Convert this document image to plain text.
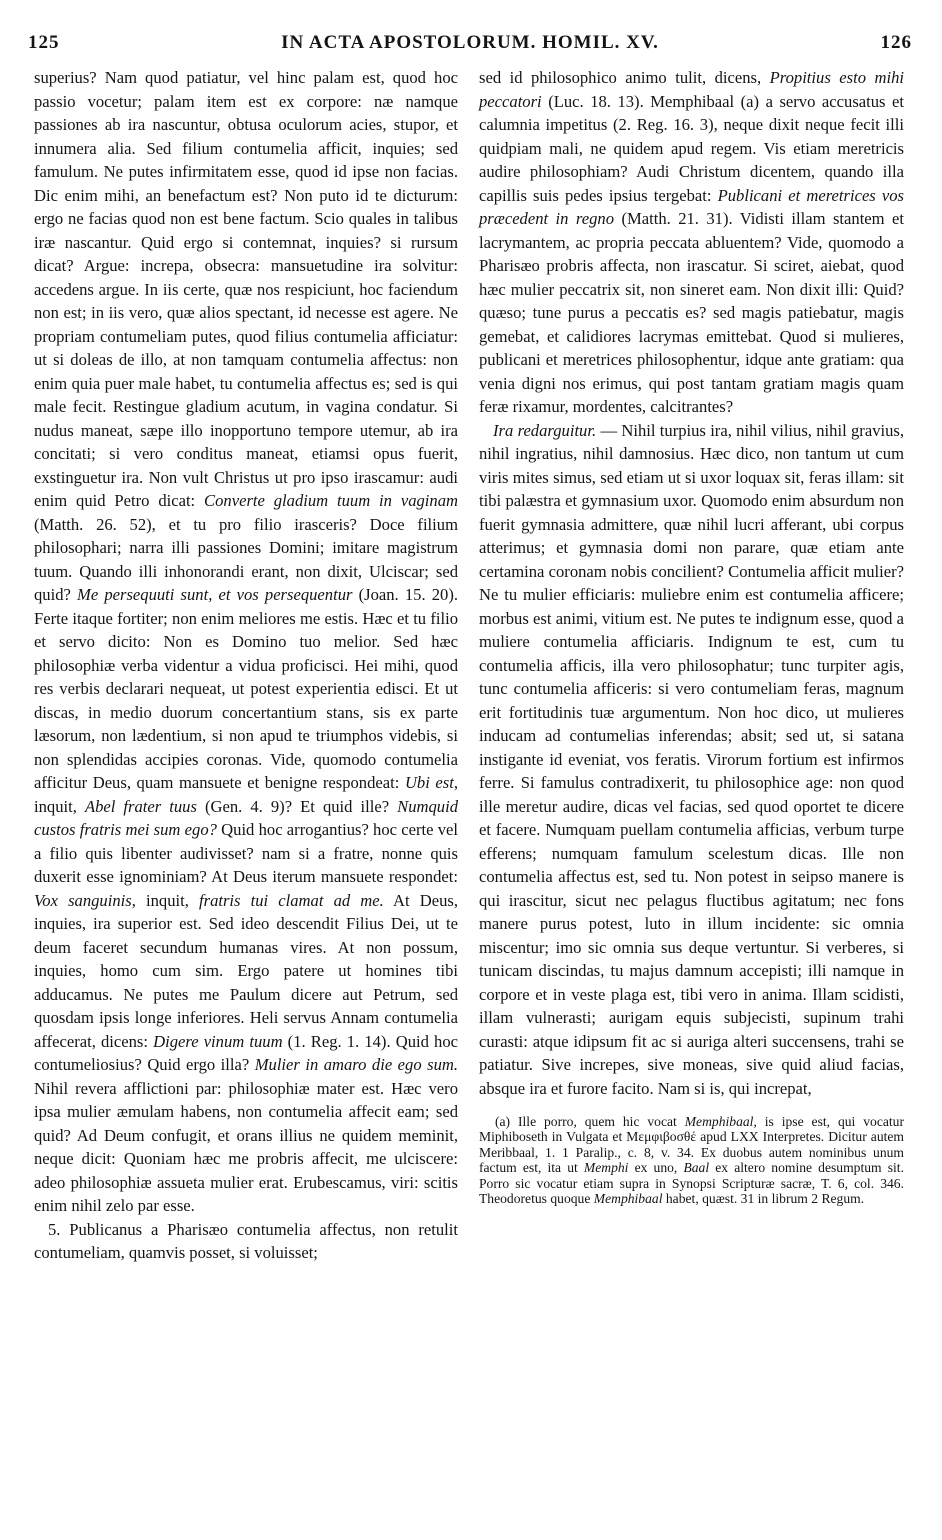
125	IN ACTA APOSTOLORUM. HOMIL. XV.	126

superius? Nam quod patiatur, vel hinc palam est, quod hoc passio vocetur; palam item est ex corpore: næ namque passiones ab ira nascuntur, obtusa oculorum acies, stupor, et innumera alia. Sed filium contumelia afficit, inquies; sed famulum. Ne putes infirmitatem esse, quod id ipse non facias. Dic enim mihi, an benefactum est? Non puto id te dicturum: ergo ne facias quod non est bene factum. Scio quales in talibus iræ nascantur. Quid ergo si contemnat, inquies? si rursum dicat? Argue: increpa, obsecra: mansuetudine ira solvitur: accedens argue. In iis certe, quæ nos respiciunt, hoc faciendum non est; in iis vero, quæ alios spectant, id necesse est agere. Ne propriam contumeliam putes, quod filius contumelia afficiatur: ut si doleas de illo, at non tamquam contumelia affectus: non enim quia puer male habet, tu contumelia affectus es; sed is qui male fecit. Restingue gladium acutum, in vagina condatur. Si nudus maneat, sæpe illo inopportuno tempore utemur, ab ira concitati; si vero conditus maneat, etiamsi opus fuerit, exstinguetur ira. Non vult Christus ut pro ipso irascamur: audi enim quid Petro dicat: Converte gladium tuum in vaginam (Matth. 26. 52), et tu pro filio irasceris? Doce filium philosophari; narra illi passiones Domini; imitare magistrum tuum. Quando illi inhonorandi erant, non dixit, Ulciscar; sed quid? Me persequuti sunt, et vos persequentur (Joan. 15. 20). Ferte itaque fortiter; non enim meliores me estis. Hæc et tu filio et servo dicito: Non es Domino tuo melior. Sed hæc philosophiæ verba videntur a vidua proficisci. Hei mihi, quod res verbis declarari nequeat, ut potest experientia edisci. Et ut discas, in medio duorum concertantium stans, sis ex parte læsorum, non lædentium, si non apud te triumphos videbis, si non splendidas accipies coronas. Vide, quomodo contumelia afficitur Deus, quam mansuete et benigne respondeat: Ubi est, inquit, Abel frater tuus (Gen. 4. 9)? Et quid ille? Numquid custos fratris mei sum ego? Quid hoc arrogantius? hoc certe vel a filio quis libenter audivisset? nam si a fratre, nonne quis duxerit esse ignominiam? At Deus iterum mansuete respondet: Vox sanguinis, inquit, fratris tui clamat ad me. At Deus, inquies, ira superior est. Sed ideo descendit Filius Dei, ut te deum faceret secundum humanas vires. At non possum, inquies, homo cum sim. Ergo patere ut homines tibi adducamus. Ne putes me Paulum dicere aut Petrum, sed quosdam ipsis longe inferiores. Heli servus Annam contumelia affecerat, dicens: Digere vinum tuum (1. Reg. 1. 14). Quid hoc contumeliosius? Quid ergo illa? Mulier in amaro die ego sum. Nihil revera afflictioni par: philosophiæ mater est. Hæc vero ipsa mulier æmulam habens, non contumelia affecit eam; sed quid? Ad Deum confugit, et orans illius ne quidem meminit, neque dicit: Quoniam hæc me probris affecit, me ulciscere: adeo philosophiæ assueta mulier erat. Erubescamus, viri: scitis enim nihil zelo par esse.

5. Publicanus a Pharisæo contumelia affectus, non retulit contumeliam, quamvis posset, si voluisset;

sed id philosophico animo tulit, dicens, Propitius esto mihi peccatori (Luc. 18. 13). Memphibaal (a) a servo accusatus et calumnia impetitus (2. Reg. 16. 3), neque dixit neque fecit illi quidpiam mali, ne quidem apud regem. Vis etiam meretricis audire philosophiam? Audi Christum dicentem, quando illa capillis suis pedes ipsius tergebat: Publicani et meretrices vos præcedent in regno (Matth. 21. 31). Vidisti illam stantem et lacrymantem, ac propria peccata abluentem? Vide, quomodo a Pharisæo probris affecta, non irascatur. Si sciret, aiebat, quod hæc mulier peccatrix sit, non sineret eam. Non dixit illi: Quid? quæso; tune purus a peccatis es? sed magis patiebatur, magis gemebat, et calidiores lacrymas emittebat. Quod si mulieres, publicani et meretrices philosophentur, idque ante gratiam: qua venia digni nos erimus, qui post tantam gratiam magis quam feræ rixamur, mordentes, calcitrantes?

Ira redarguitur. — Nihil turpius ira, nihil vilius, nihil gravius, nihil ingratius, nihil damnosius. Hæc dico, non tantum ut cum viris mites simus, sed etiam ut si uxor loquax sit, feras illam: sit tibi palæstra et gymnasium uxor. Quomodo enim absurdum non fuerit gymnasia admittere, quæ nihil lucri afferant, ubi corpus atterimus; et gymnasia domi non parare, quæ etiam ante certamina coronam nobis concilient? Contumelia afficit mulier? Ne tu mulier efficiaris: muliebre enim est contumelia afficere; morbus est animi, vitium est. Ne putes te indignum esse, quod a muliere contumelia afficiaris. Indignum te est, cum tu contumelia afficis, illa vero philosophatur; tunc turpiter agis, tunc contumelia afficeris: si vero contumeliam feras, magnum erit fortitudinis tuæ argumentum. Non hoc dico, ut mulieres inducam ad contumelias inferendas; absit; sed ut, si satana instigante id eveniat, vos feratis. Virorum fortium est infirmos ferre. Si famulus contradixerit, tu philosophice age: non quod ille meretur audire, dicas vel facias, sed quod oportet te dicere et facere. Numquam puellam contumelia afficias, verbum turpe efferens; numquam famulum scelestum dicas. Ille non contumelia affectus est, sed tu. Non potest in seipso manere is qui irascitur, sicut nec pelagus fluctibus agitatum; nec fons manere purus potest, luto in illum incidente: sic omnia miscentur; imo sic omnia sus deque vertuntur. Si verberes, si tunicam discindas, tu majus damnum accepisti; illi namque in corpore et in veste plaga est, tibi vero in anima. Illam scidisti, illam vulnerasti; aurigam equis subjecisti, supinum trahi curasti: atque idipsum fit ac si auriga alteri succensens, trahi se patiatur. Sive increpes, sive moneas, sive quid aliud facias, absque ira et furore facito. Nam si is, qui increpat,

(a) Ille porro, quem hic vocat Memphibaal, is ipse est, qui vocatur Miphiboseth in Vulgata et Μεμφιβοσθέ apud LXX Interpretes. Dicitur autem Meribbaal, 1. 1 Paralip., c. 8, v. 34. Ex duobus autem nominibus unum factum est, ita ut Memphi ex uno, Baal ex altero nomine desumptum sit. Porro sic vocatur etiam supra in Synopsi Scripturæ sacræ, T. 6, col. 346. Theodoretus quoque Memphibaal habet, quæst. 31 in librum 2 Regum.
